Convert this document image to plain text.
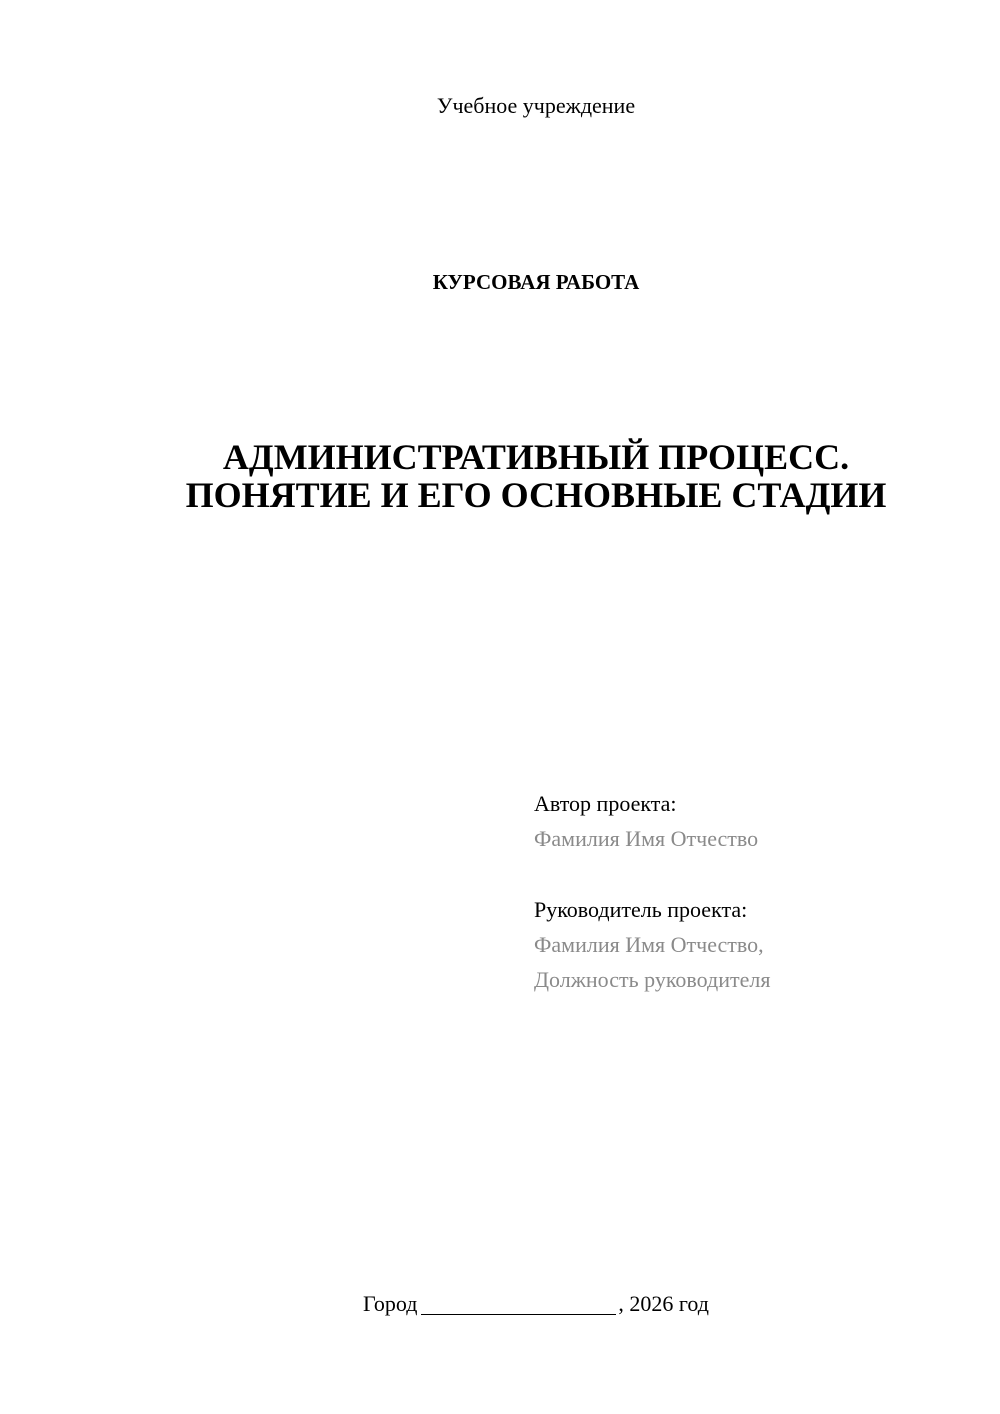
Учебное учреждение
КУРСОВАЯ РАБОТА
АДМИНИСТРАТИВНЫЙ ПРОЦЕСС.
ПОНЯТИЕ И ЕГО ОСНОВНЫЕ СТАДИИ
Автор проекта:
Фамилия Имя Отчество
Руководитель проекта:
Фамилия Имя Отчество,
Должность руководителя
Город	, 2026 год
